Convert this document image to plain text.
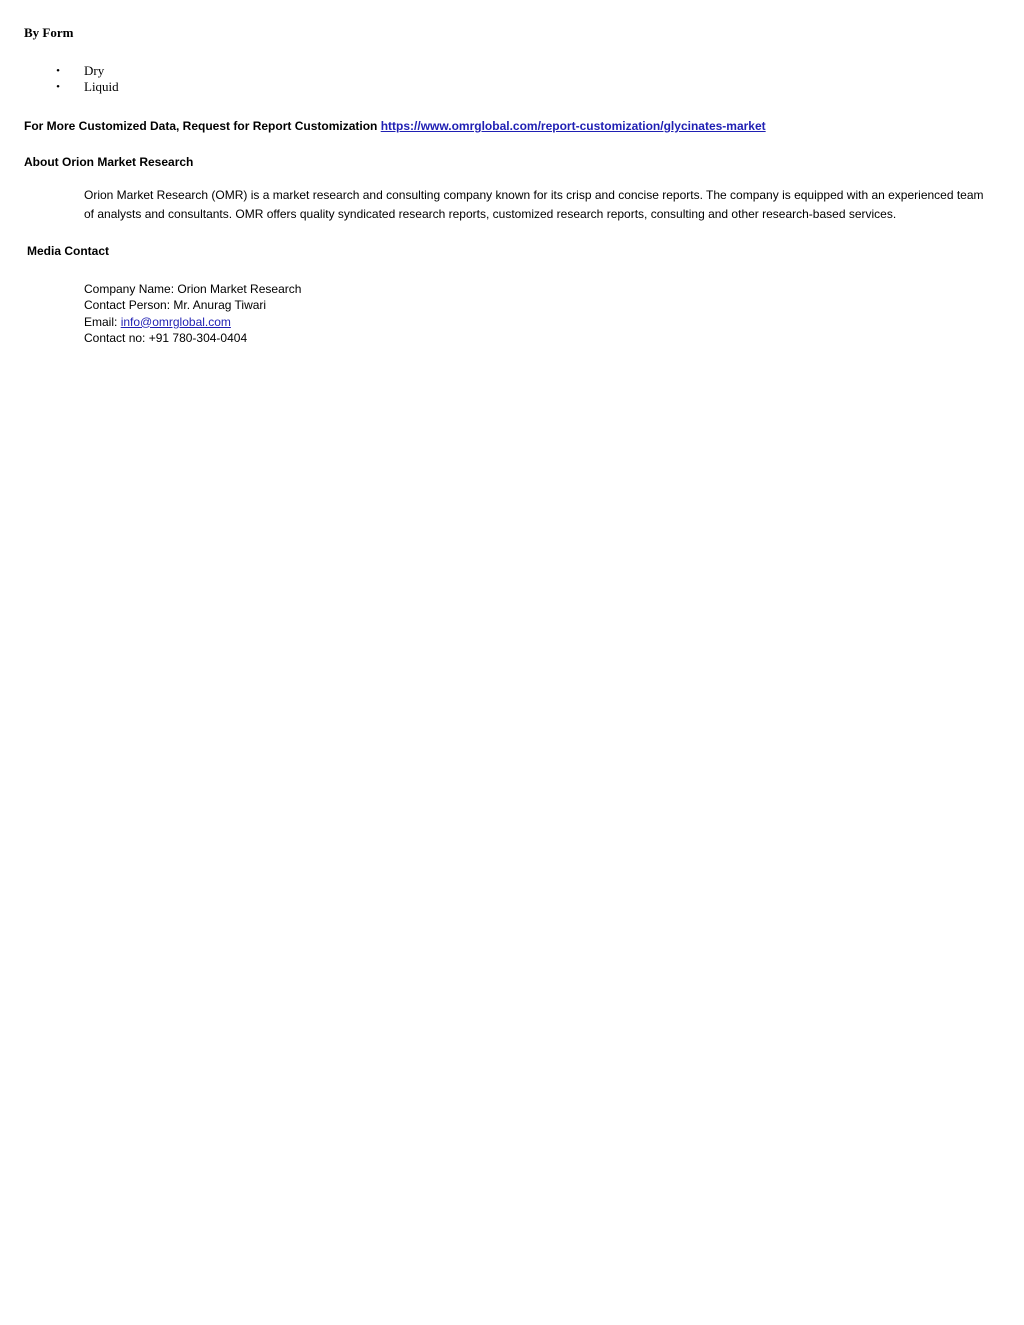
By Form
• Dry
• Liquid

For More Customized Data, Request for Report Customization https://www.omrglobal.com/report-customization/glycinates-market

About Orion Market Research

Orion Market Research (OMR) is a market research and consulting company known for its crisp and concise reports. The company is equipped with an experienced team of analysts and consultants. OMR offers quality syndicated research reports, customized research reports, consulting and other research-based services.

Media Contact
Company Name: Orion Market Research
Contact Person: Mr. Anurag Tiwari
Email: info@omrglobal.com
Contact no: +91 780-304-0404
